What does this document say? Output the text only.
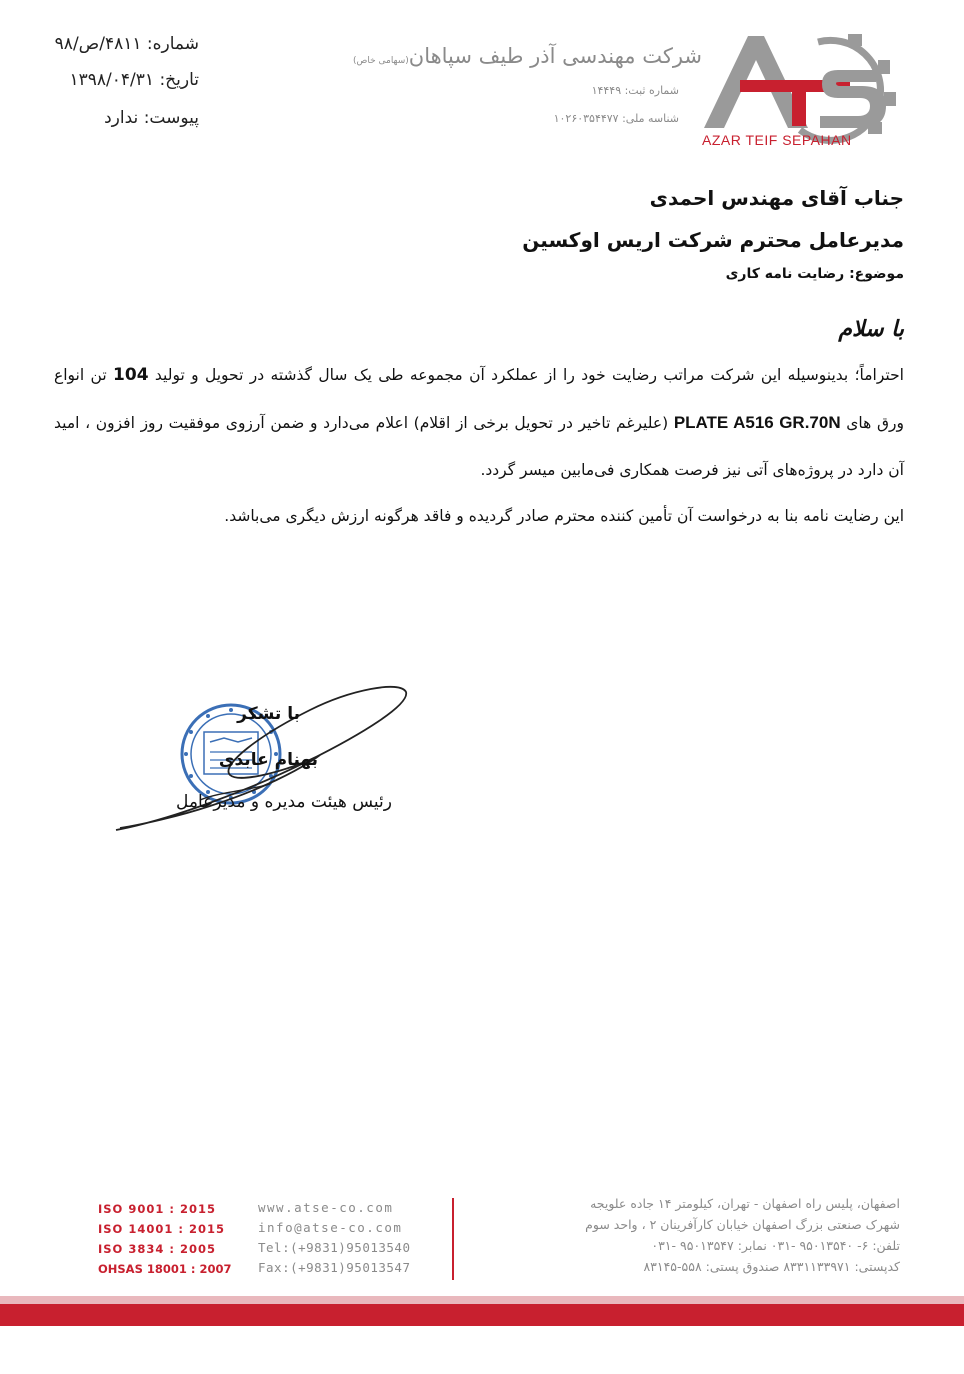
شماره: ۴۸۱۱/ص/۹۸
تاریخ: ۱۳۹۸/۰۴/۳۱
پیوست: ندارد
شرکت مهندسی آذر طیف سپاهان(سهامی خاص)
شماره ثبت: ۱۴۴۴۹
شناسه ملی: ۱۰۲۶۰۳۵۴۴۷۷
AZAR TEIF SEPAHAN
جناب آقای مهندس احمدی
مدیرعامل محترم شرکت اریس اوکسین
موضوع: رضایت نامه کاری
با سلام
احتراماً؛ بدینوسیله این شرکت مراتب رضایت خود را از عملکرد آن مجموعه طی یک سال گذشته در تحویل و تولید 104 تن انواع ورق های PLATE A516 GR.70N (علیرغم تاخیر در تحویل برخی از اقلام) اعلام می‌دارد و ضمن آرزوی موفقیت روز افزون ، امید آن دارد در پروژه‌های آتی نیز فرصت همکاری فی‌مابین میسر گردد.
این رضایت نامه بنا به درخواست آن تأمین کننده محترم صادر گردیده و فاقد هرگونه ارزش دیگری می‌باشد.
با تشکر
بهنام عابدی
رئیس هیئت مدیره و مدیرعامل
ISO 9001 : 2015
ISO 14001 : 2015
ISO 3834 : 2005
OHSAS 18001 : 2007
www.atse-co.com
info@atse-co.com
Tel:(+9831)95013540
Fax:(+9831)95013547
اصفهان، پلیس راه اصفهان - تهران، کیلومتر ۱۴ جاده علویجه
شهرک صنعتی بزرگ اصفهان خیابان کارآفرینان ۲ ، واحد سوم
تلفن: ۶- ۹۵۰۱۳۵۴۰ -۰۳۱ نمابر: ۹۵۰۱۳۵۴۷ -۰۳۱
کدپستی: ۸۳۳۱۱۳۳۹۷۱ صندوق پستی: ۵۵۸-۸۳۱۴۵
